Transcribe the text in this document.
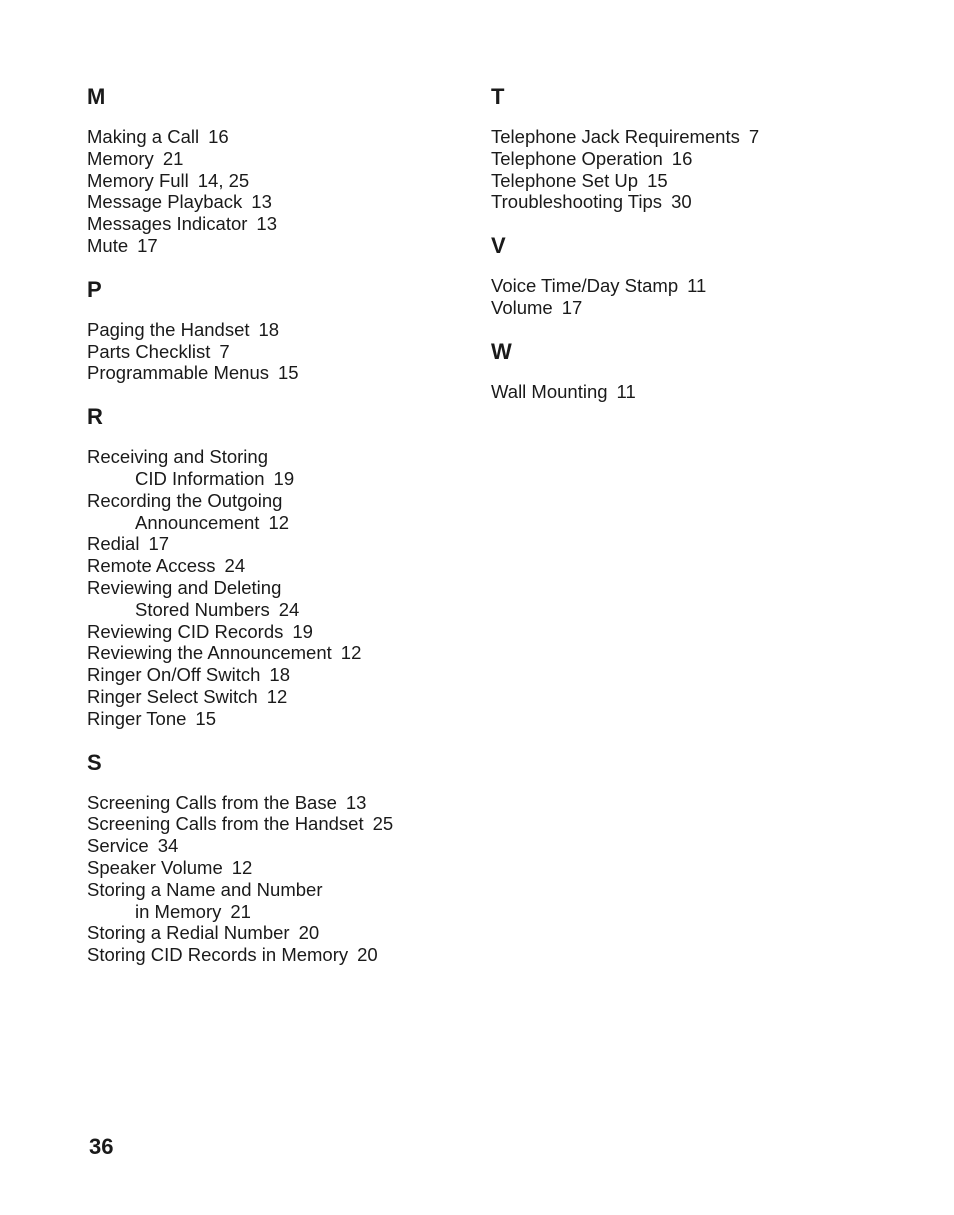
M
Making a Call 16
Memory 21
Memory Full 14, 25
Message Playback 13
Messages Indicator 13
Mute 17
P
Paging the Handset 18
Parts Checklist 7
Programmable Menus 15
R
Receiving and Storing
CID Information 19
Recording the Outgoing
Announcement 12
Redial 17
Remote Access 24
Reviewing and Deleting
Stored Numbers 24
Reviewing CID Records 19
Reviewing the Announcement 12
Ringer On/Off Switch 18
Ringer Select Switch 12
Ringer Tone 15
S
Screening Calls from the Base 13
Screening Calls from the Handset 25
Service 34
Speaker Volume 12
Storing a Name and Number
in Memory 21
Storing a Redial Number 20
Storing CID Records in Memory 20
T
Telephone Jack Requirements 7
Telephone Operation 16
Telephone Set Up 15
Troubleshooting Tips 30
V
Voice Time/Day Stamp 11
Volume 17
W
Wall Mounting 11
36
